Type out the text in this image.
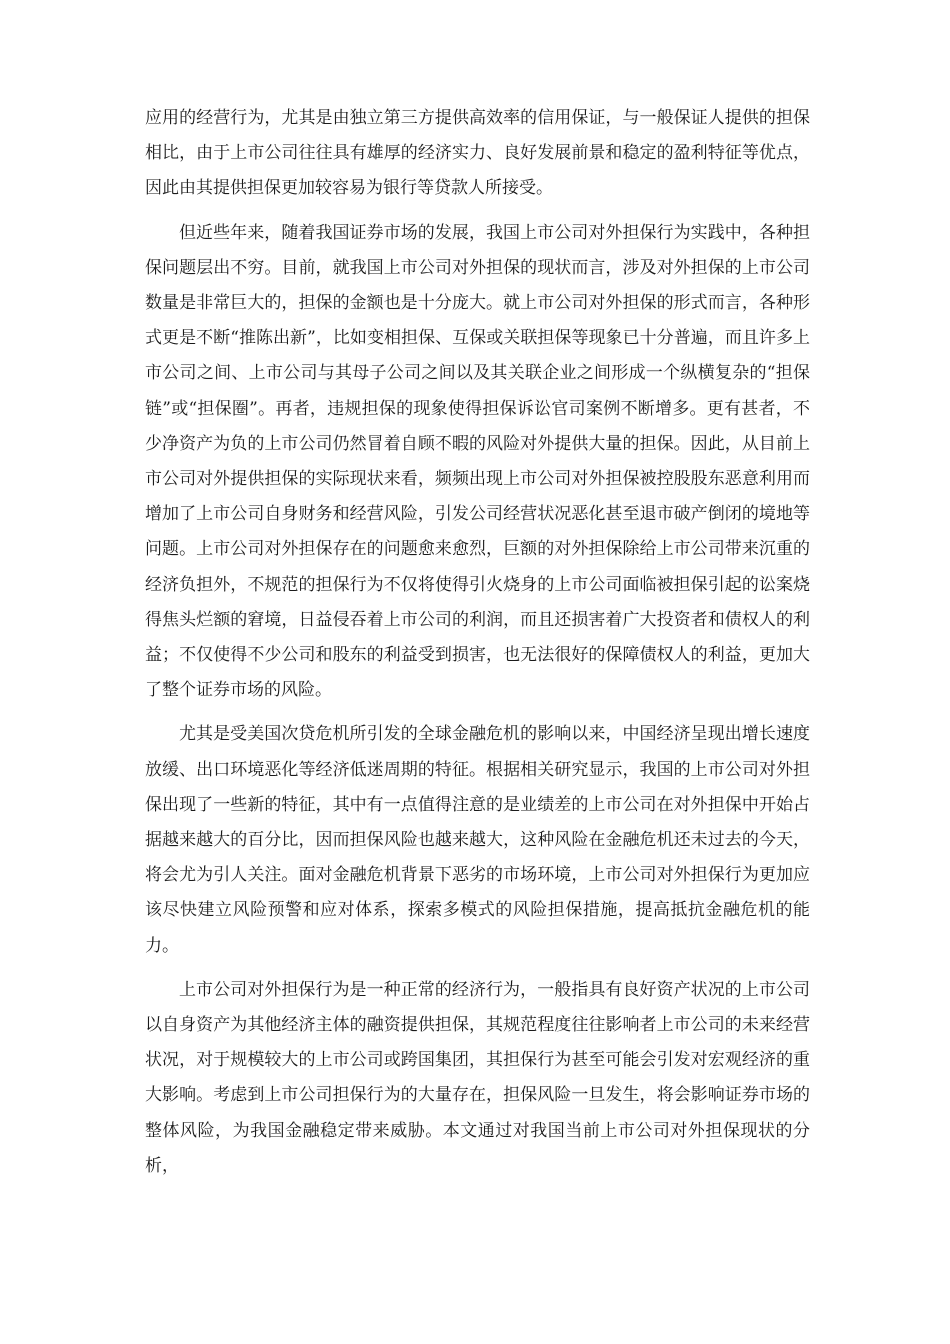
应用的经营行为，尤其是由独立第三方提供高效率的信用保证，与一般保证人提供的担保相比，由于上市公司往往具有雄厚的经济实力、良好发展前景和稳定的盈利特征等优点，因此由其提供担保更加较容易为银行等贷款人所接受。

但近些年来，随着我国证券市场的发展，我国上市公司对外担保行为实践中，各种担保问题层出不穷。目前，就我国上市公司对外担保的现状而言，涉及对外担保的上市公司数量是非常巨大的，担保的金额也是十分庞大。就上市公司对外担保的形式而言，各种形式更是不断“推陈出新”，比如变相担保、互保或关联担保等现象已十分普遍，而且许多上市公司之间、上市公司与其母子公司之间以及其关联企业之间形成一个纵横复杂的“担保链”或“担保圈”。再者，违规担保的现象使得担保诉讼官司案例不断增多。更有甚者，不少净资产为负的上市公司仍然冒着自顾不暇的风险对外提供大量的担保。因此，从目前上市公司对外提供担保的实际现状来看，频频出现上市公司对外担保被控股股东恶意利用而增加了上市公司自身财务和经营风险，引发公司经营状况恶化甚至退市破产倒闭的境地等问题。上市公司对外担保存在的问题愈来愈烈，巨额的对外担保除给上市公司带来沉重的经济负担外，不规范的担保行为不仅将使得引火烧身的上市公司面临被担保引起的讼案烧得焦头烂额的窘境，日益侵吞着上市公司的利润，而且还损害着广大投资者和债权人的利益；不仅使得不少公司和股东的利益受到损害，也无法很好的保障债权人的利益，更加大了整个证券市场的风险。

尤其是受美国次贷危机所引发的全球金融危机的影响以来，中国经济呈现出增长速度放缓、出口环境恶化等经济低迷周期的特征。根据相关研究显示，我国的上市公司对外担保出现了一些新的特征，其中有一点值得注意的是业绩差的上市公司在对外担保中开始占据越来越大的百分比，因而担保风险也越来越大，这种风险在金融危机还未过去的今天，将会尤为引人关注。面对金融危机背景下恶劣的市场环境，上市公司对外担保行为更加应该尽快建立风险预警和应对体系，探索多模式的风险担保措施，提高抵抗金融危机的能力。

上市公司对外担保行为是一种正常的经济行为，一般指具有良好资产状况的上市公司以自身资产为其他经济主体的融资提供担保，其规范程度往往影响者上市公司的未来经营状况，对于规模较大的上市公司或跨国集团，其担保行为甚至可能会引发对宏观经济的重大影响。考虑到上市公司担保行为的大量存在，担保风险一旦发生，将会影响证券市场的整体风险，为我国金融稳定带来威胁。本文通过对我国当前上市公司对外担保现状的分析，
